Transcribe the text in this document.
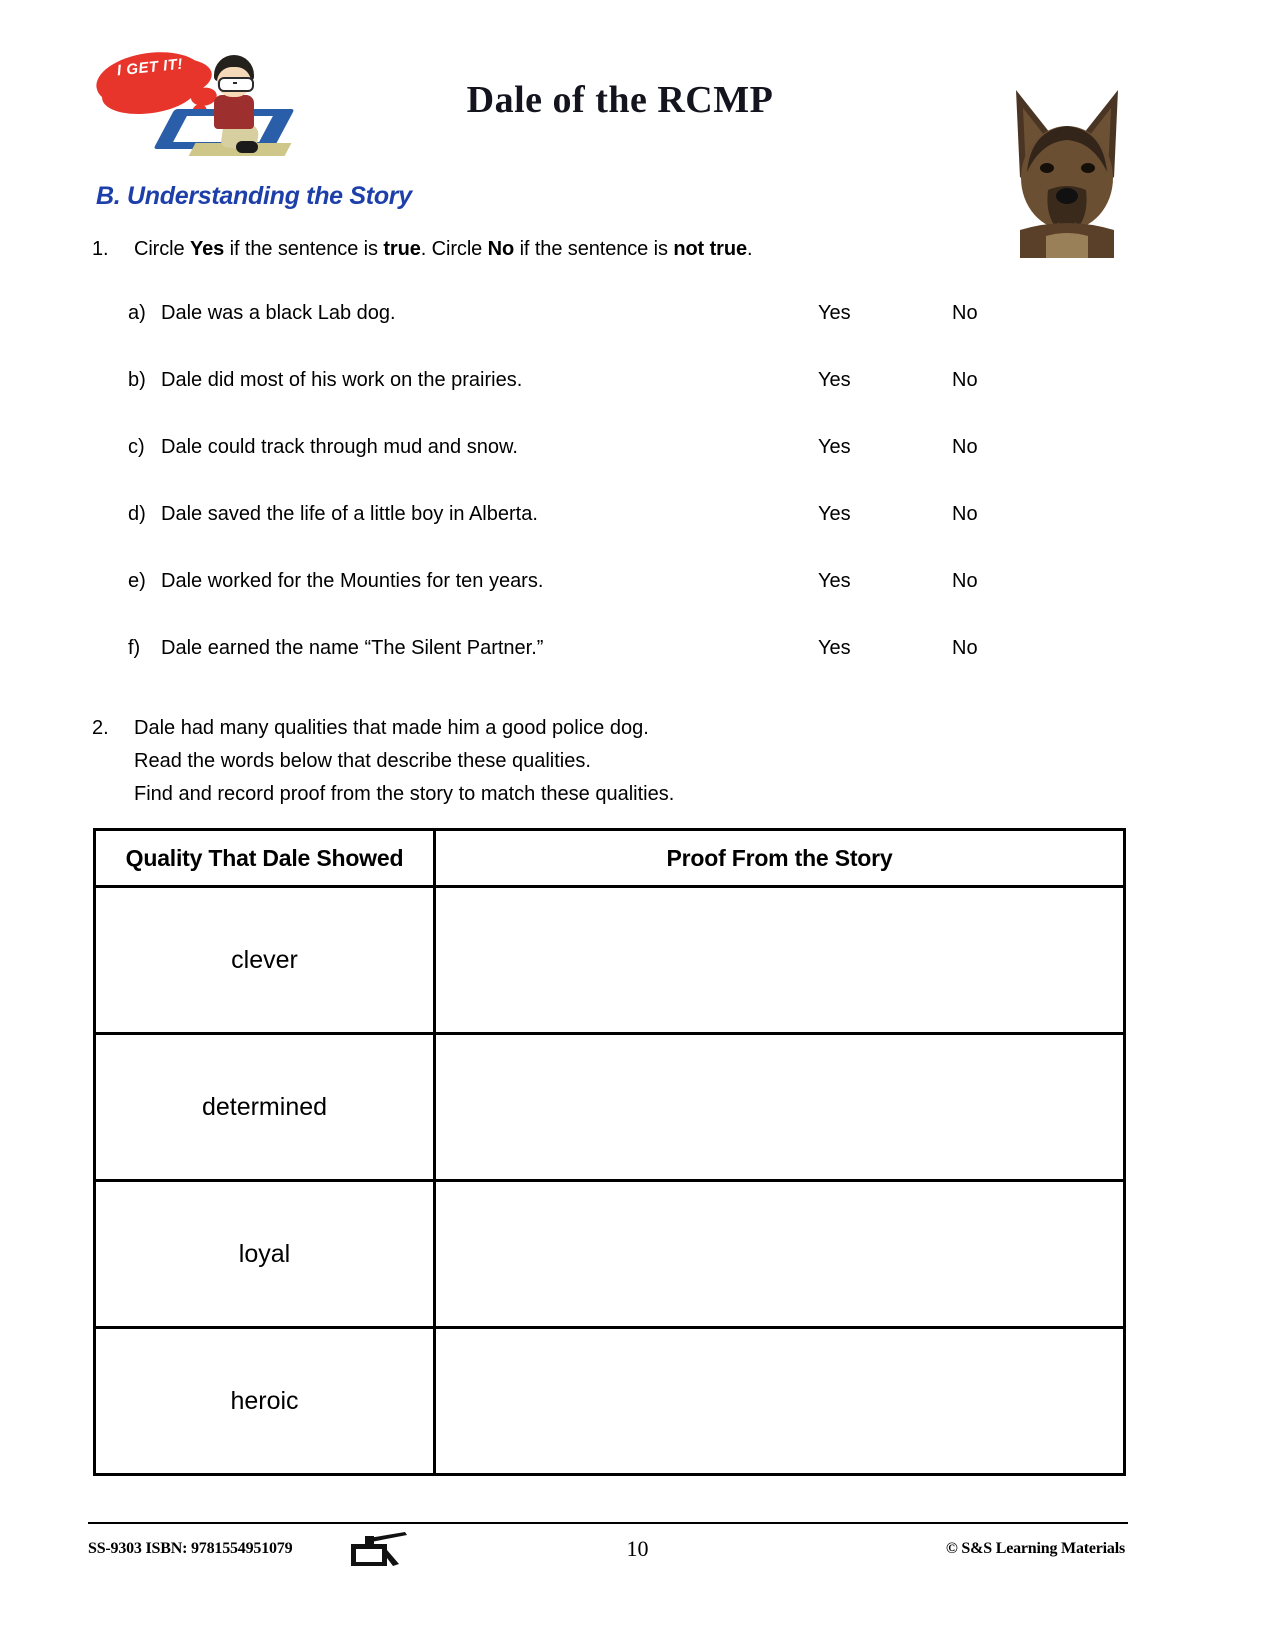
I GET IT!
Dale of the RCMP
B. Understanding the Story
1. Circle Yes if the sentence is true. Circle No if the sentence is not true.
a) Dale was a black Lab dog.	Yes	No
b) Dale did most of his work on the prairies.	Yes	No
c) Dale could track through mud and snow.	Yes	No
d) Dale saved the life of a little boy in Alberta.	Yes	No
e) Dale worked for the Mounties for ten years.	Yes	No
f)	Dale earned the name “The Silent Partner.”	Yes	No
2. Dale had many qualities that made him a good police dog.
Read the words below that describe these qualities.
Find and record proof from the story to match these qualities.
Quality That Dale Showed	Proof From the Story
clever	
determined	
loyal	
heroic	
SS-9303 ISBN: 9781554951079	10	© S&S Learning Materials
